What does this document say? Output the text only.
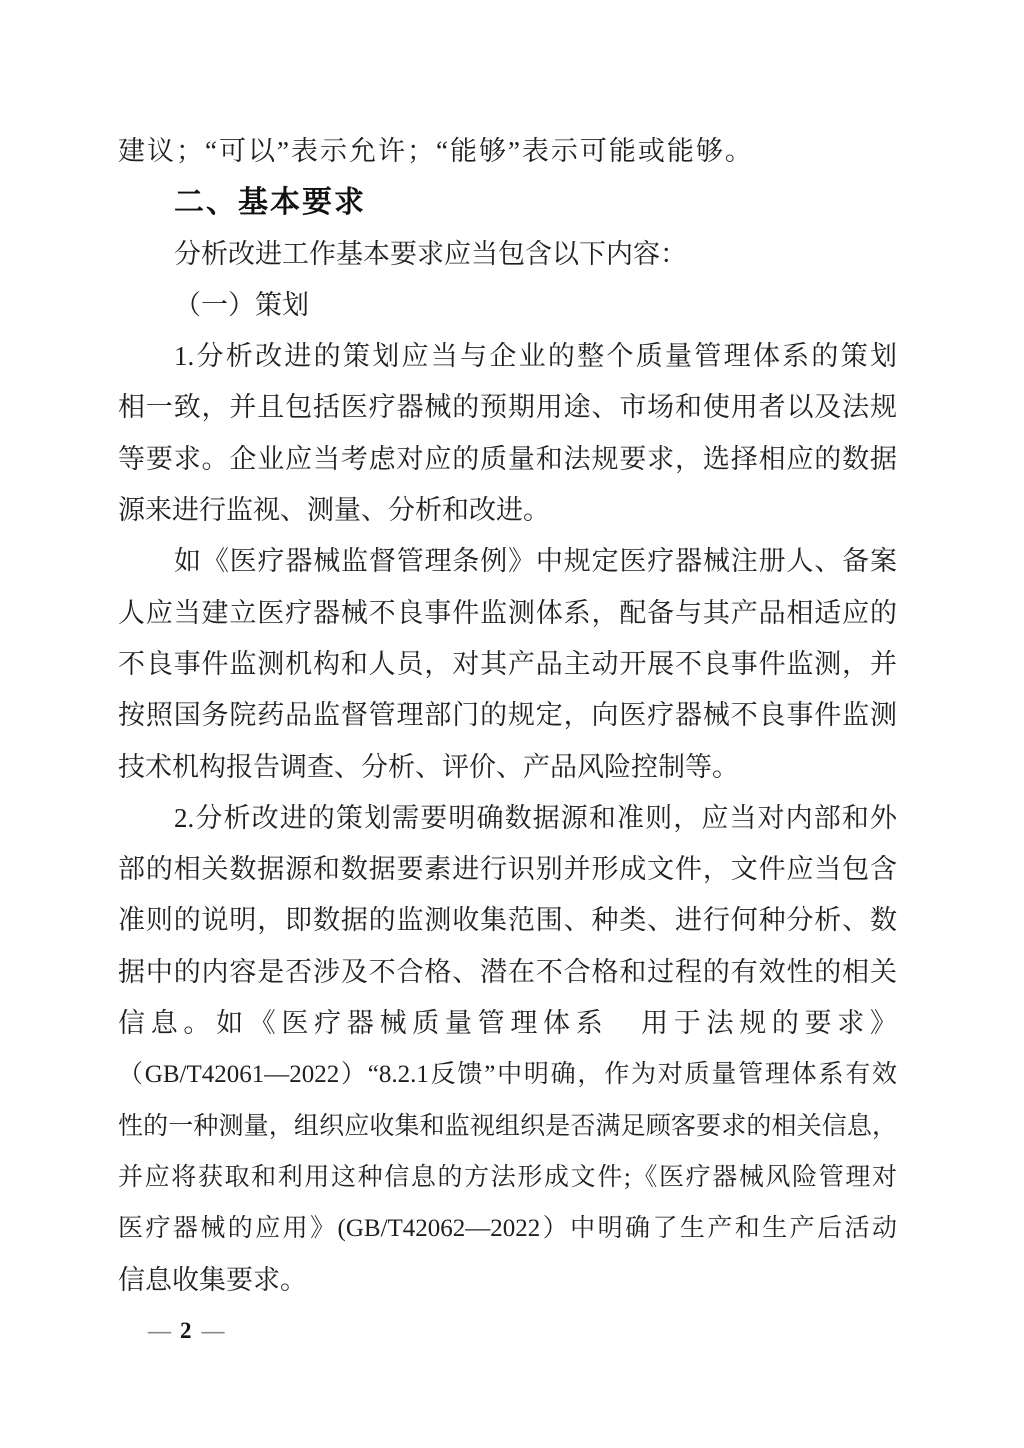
建议；“可以”表示允许；“能够”表示可能或能够。
二、基本要求
分析改进工作基本要求应当包含以下内容：
（一）策划
1.分析改进的策划应当与企业的整个质量管理体系的策划
相一致，并且包括医疗器械的预期用途、市场和使用者以及法规
等要求。企业应当考虑对应的质量和法规要求，选择相应的数据
源来进行监视、测量、分析和改进。
如《医疗器械监督管理条例》中规定医疗器械注册人、备案
人应当建立医疗器械不良事件监测体系，配备与其产品相适应的
不良事件监测机构和人员，对其产品主动开展不良事件监测，并
按照国务院药品监督管理部门的规定，向医疗器械不良事件监测
技术机构报告调查、分析、评价、产品风险控制等。
2.分析改进的策划需要明确数据源和准则，应当对内部和外
部的相关数据源和数据要素进行识别并形成文件，文件应当包含
准则的说明，即数据的监测收集范围、种类、进行何种分析、数
据中的内容是否涉及不合格、潜在不合格和过程的有效性的相关
信息。如《医疗器械质量管理体系　用于法规的要求》
（GB/T42061—2022）“8.2.1反馈”中明确，作为对质量管理体系有效
性的一种测量，组织应收集和监视组织是否满足顾客要求的相关信息，
并应将获取和利用这种信息的方法形成文件;《医疗器械风险管理对
医疗器械的应用》(GB/T42062—2022）中明确了生产和生产后活动
信息收集要求。
— 2 —
